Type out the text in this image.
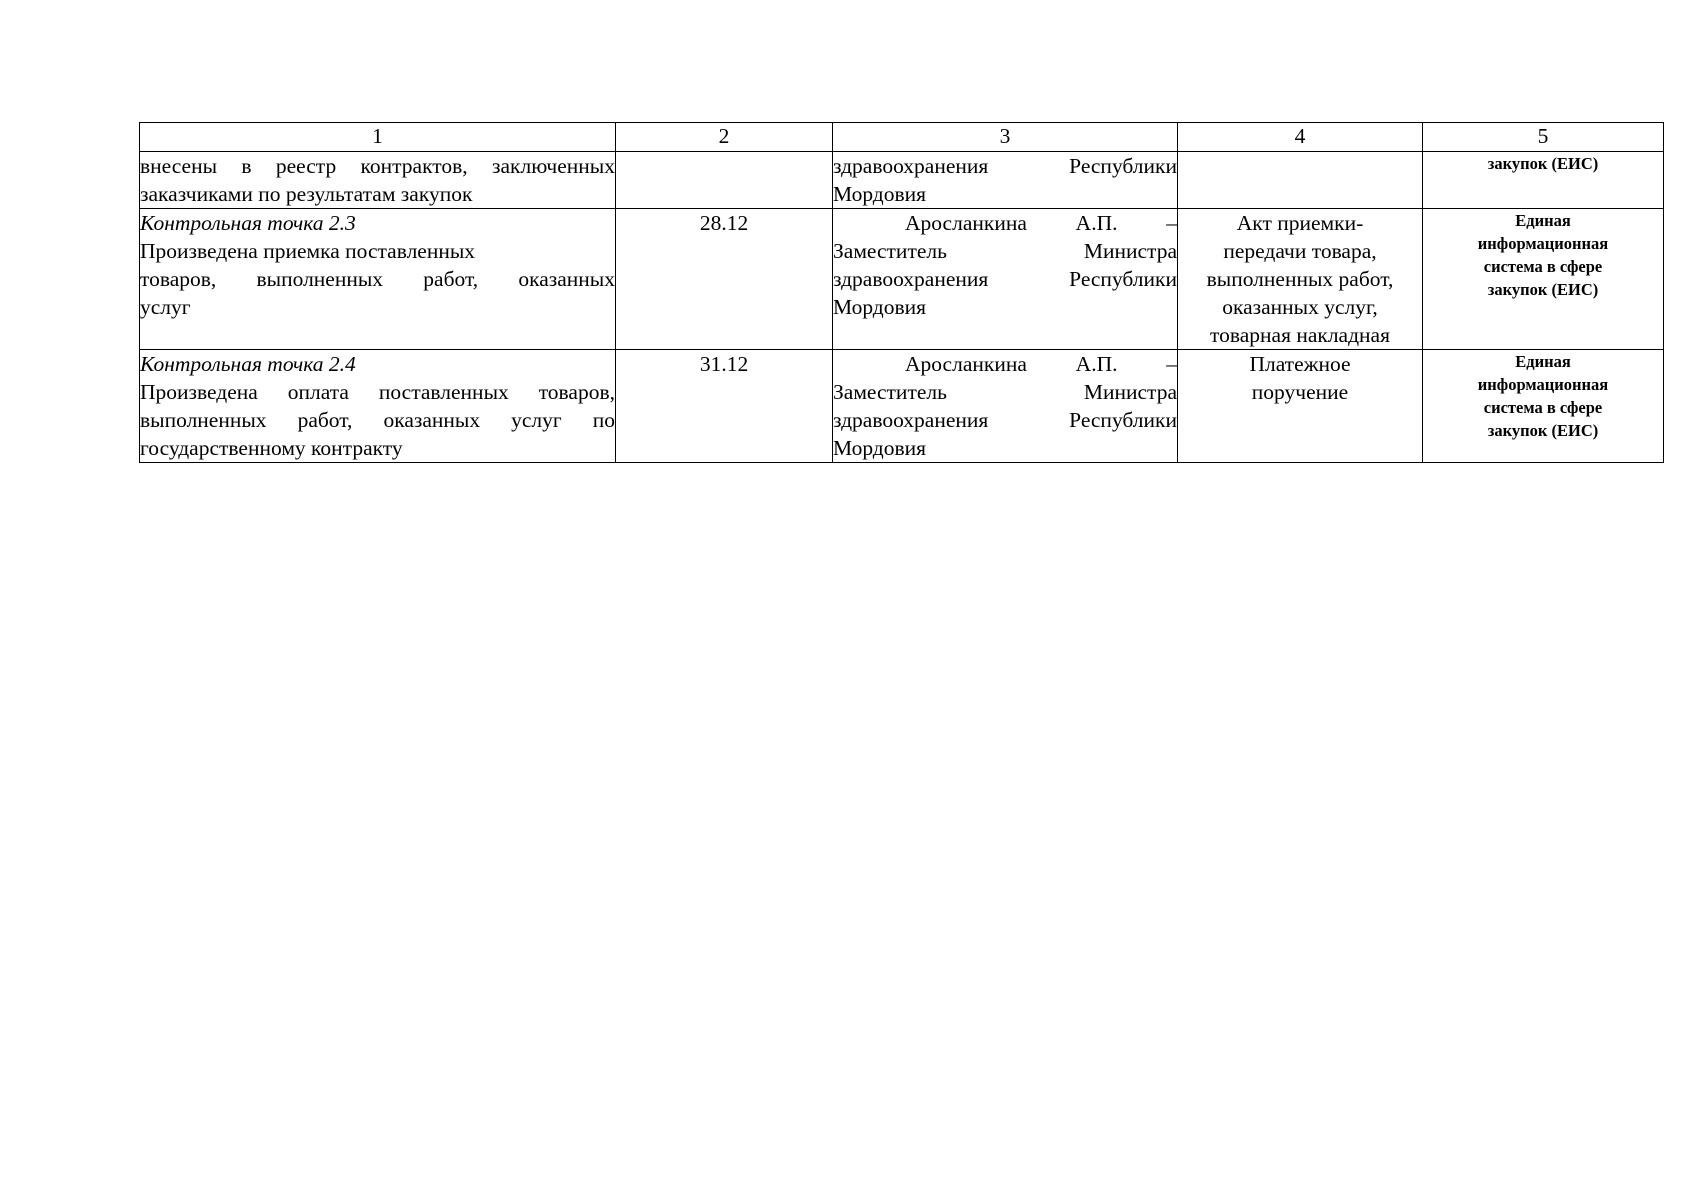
1	2	3	4	5

внесены в реестр контрактов, заключенных
заказчиками по результатам закупок		здравоохранения Республики
Мордовия		закупок (ЕИС)

Контрольная точка 2.3
Произведена приемка поставленных
товаров, выполненных работ, оказанных
услуг	28.12	Аросланкина А.П. –
Заместитель Министра
здравоохранения Республики
Мордовия	Акт приемки-
передачи товара,
выполненных работ,
оказанных услуг,
товарная накладная	Единая
информационная
система в сфере
закупок (ЕИС)

Контрольная точка 2.4
Произведена оплата поставленных товаров,
выполненных работ, оказанных услуг по
государственному контракту	31.12	Аросланкина А.П. –
Заместитель Министра
здравоохранения Республики
Мордовия	Платежное
поручение	Единая
информационная
система в сфере
закупок (ЕИС)
